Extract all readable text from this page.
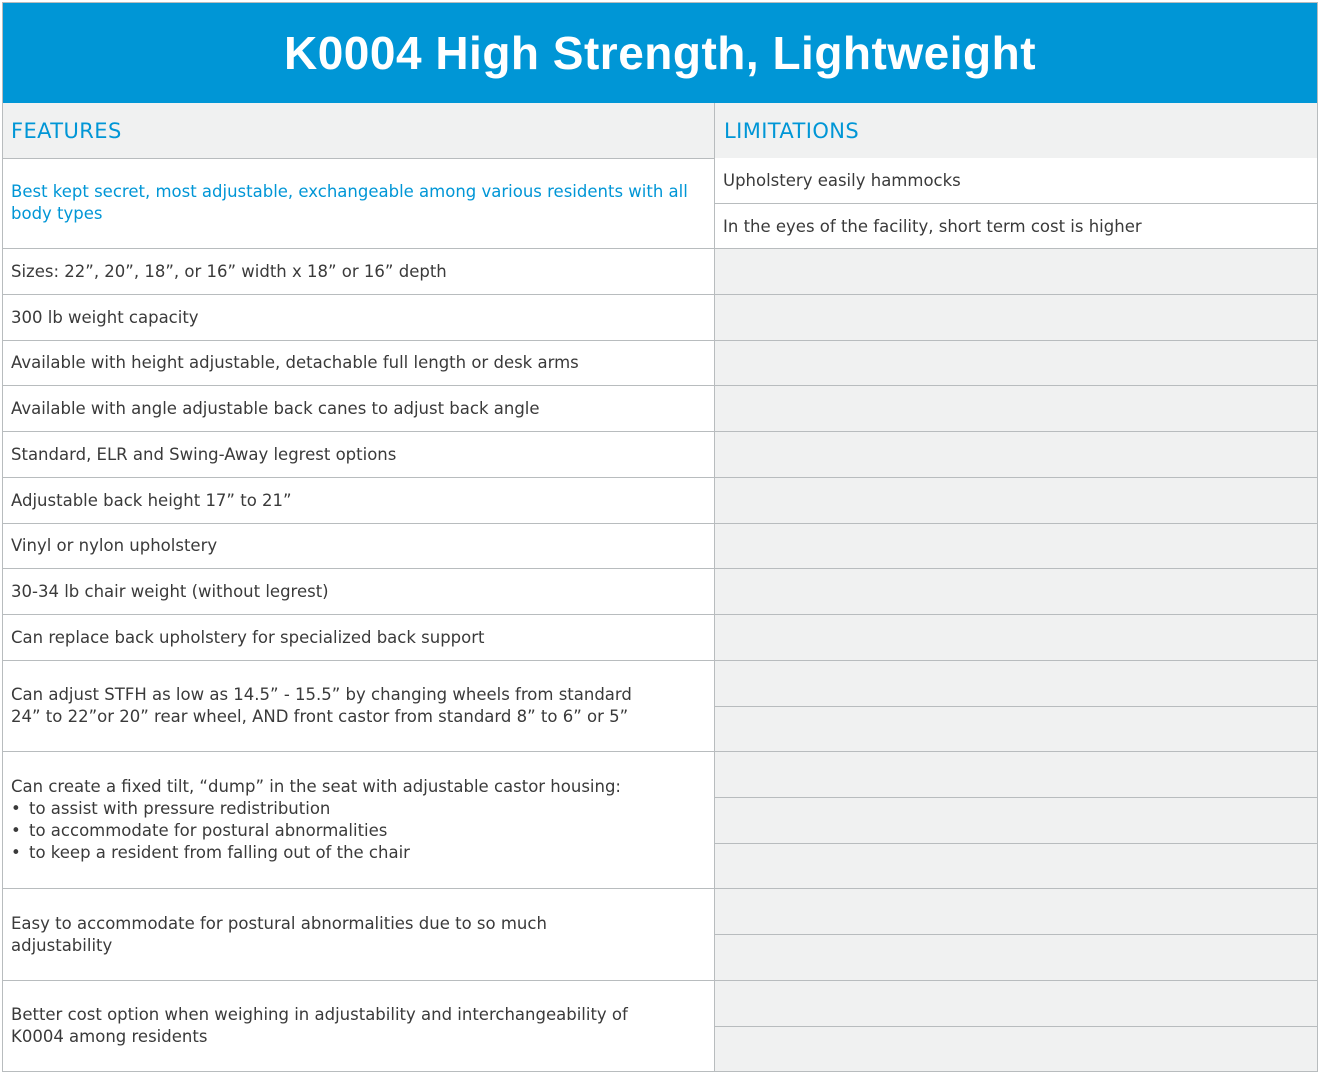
K0004 High Strength, Lightweight
FEATURES	LIMITATIONS
Best kept secret, most adjustable, exchangeable among various residents with all body types
Upholstery easily hammocks
In the eyes of the facility, short term cost is higher
Sizes: 22”, 20”, 18”, or 16” width x 18” or 16” depth
300 lb weight capacity
Available with height adjustable, detachable full length or desk arms
Available with angle adjustable back canes to adjust back angle
Standard, ELR and Swing-Away legrest options
Adjustable back height 17” to 21”
Vinyl or nylon upholstery
30-34 lb chair weight (without legrest)
Can replace back upholstery for specialized back support
Can adjust STFH as low as 14.5” - 15.5” by changing wheels from standard
24” to 22”or 20” rear wheel, AND front castor from standard 8” to 6” or 5”
Can create a fixed tilt, “dump” in the seat with adjustable castor housing:
• to assist with pressure redistribution
• to accommodate for postural abnormalities
• to keep a resident from falling out of the chair
Easy to accommodate for postural abnormalities due to so much
adjustability
Better cost option when weighing in adjustability and interchangeability of
K0004 among residents
